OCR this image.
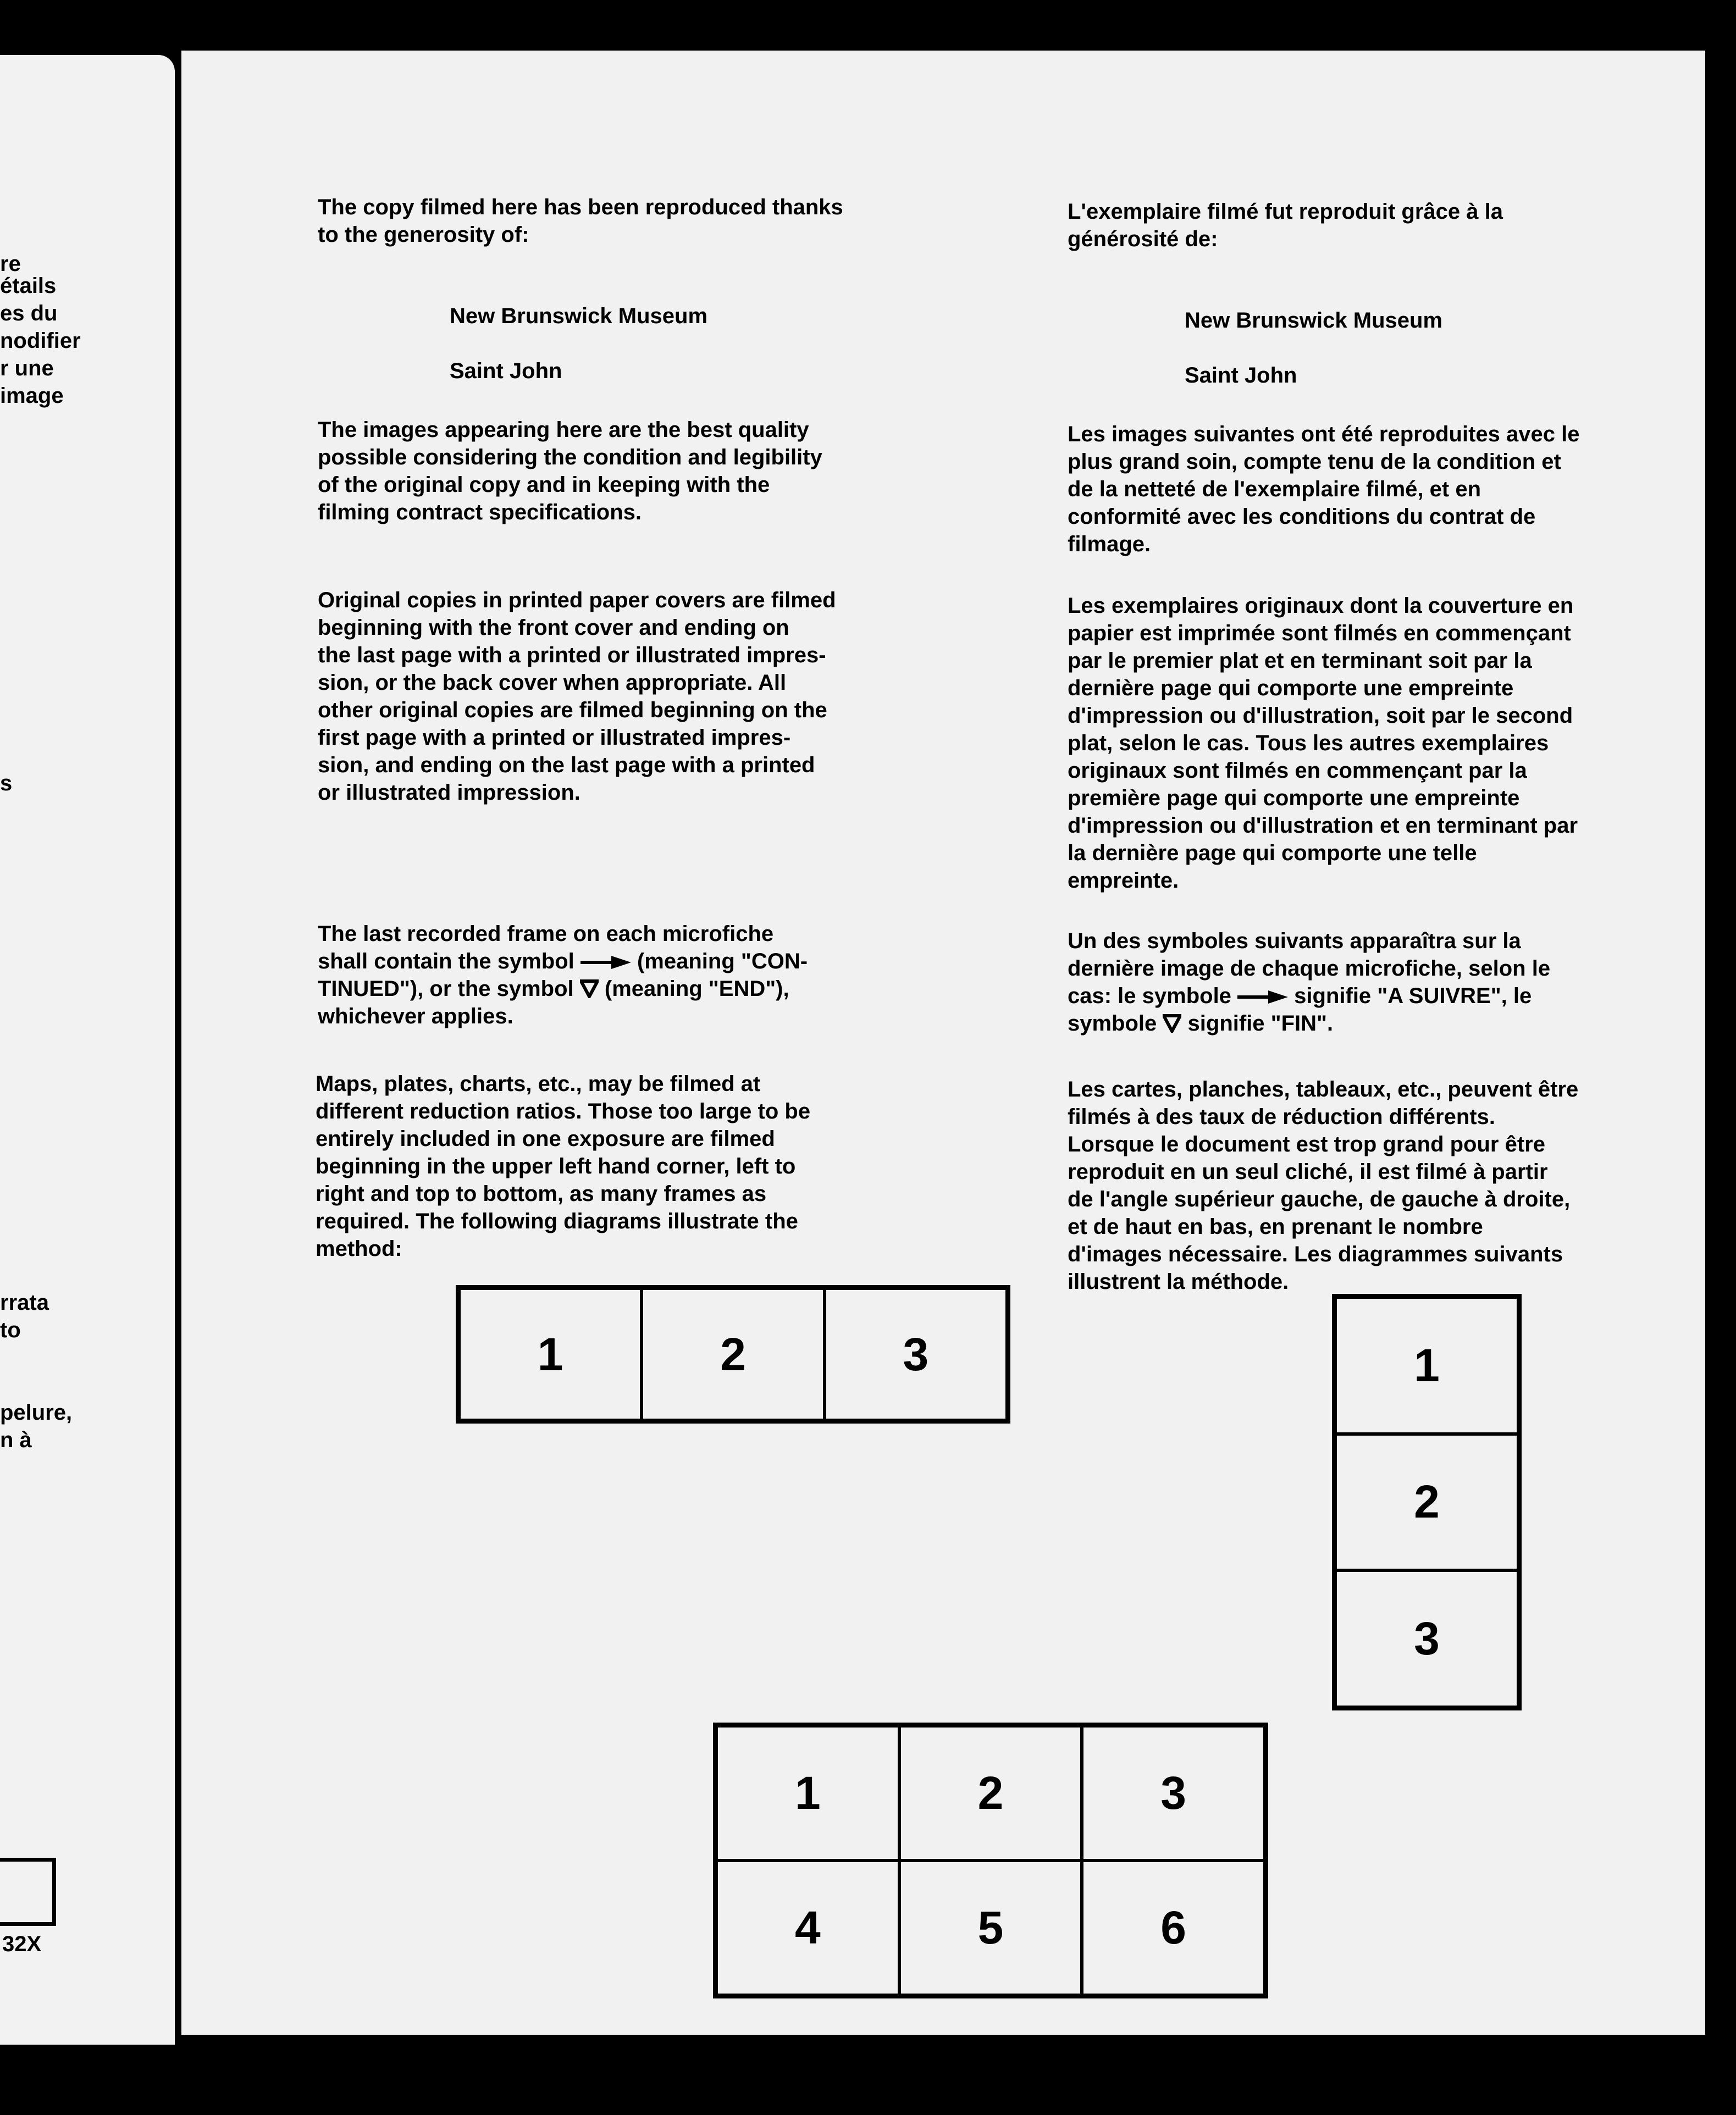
re
étails
es du
nodifier
r une
image
s
rrata
to
pelure,
n à
32X
The copy filmed here has been reproduced thanks
to the generosity of:

New Brunswick Museum

Saint John

The images appearing here are the best quality
possible considering the condition and legibility
of the original copy and in keeping with the
filming contract specifications.
Original copies in printed paper covers are filmed
beginning with the front cover and ending on
the last page with a printed or illustrated impres-
sion, or the back cover when appropriate. All
other original copies are filmed beginning on the
first page with a printed or illustrated impres-
sion, and ending on the last page with a printed
or illustrated impression.
The last recorded frame on each microfiche
shall contain the symbol	(meaning "CON-
TINUED"), or the symbol  (meaning "END"),
whichever applies.
Maps, plates, charts, etc., may be filmed at
different reduction ratios. Those too large to be
entirely included in one exposure are filmed
beginning in the upper left hand corner, left to
right and top to bottom, as many frames as
required. The following diagrams illustrate the
method:
L'exemplaire filmé fut reproduit grâce à la
générosité de:

New Brunswick Museum

Saint John

Les images suivantes ont été reproduites avec le
plus grand soin, compte tenu de la condition et
de la netteté de l'exemplaire filmé, et en
conformité avec les conditions du contrat de
filmage.
Les exemplaires originaux dont la couverture en
papier est imprimée sont filmés en commençant
par le premier plat et en terminant soit par la
dernière page qui comporte une empreinte
d'impression ou d'illustration, soit par le second
plat, selon le cas. Tous les autres exemplaires
originaux sont filmés en commençant par la
première page qui comporte une empreinte
d'impression ou d'illustration et en terminant par
la dernière page qui comporte une telle
empreinte.
Un des symboles suivants apparaîtra sur la
dernière image de chaque microfiche, selon le
cas: le symbole	signifie "A SUIVRE", le
symbole  signifie "FIN".
Les cartes, planches, tableaux, etc., peuvent être
filmés à des taux de réduction différents.
Lorsque le document est trop grand pour être
reproduit en un seul cliché, il est filmé à partir
de l'angle supérieur gauche, de gauche à droite,
et de haut en bas, en prenant le nombre
d'images nécessaire. Les diagrammes suivants
illustrent la méthode.
1	2	3	1
2
3
1	2	3
4	5	6
